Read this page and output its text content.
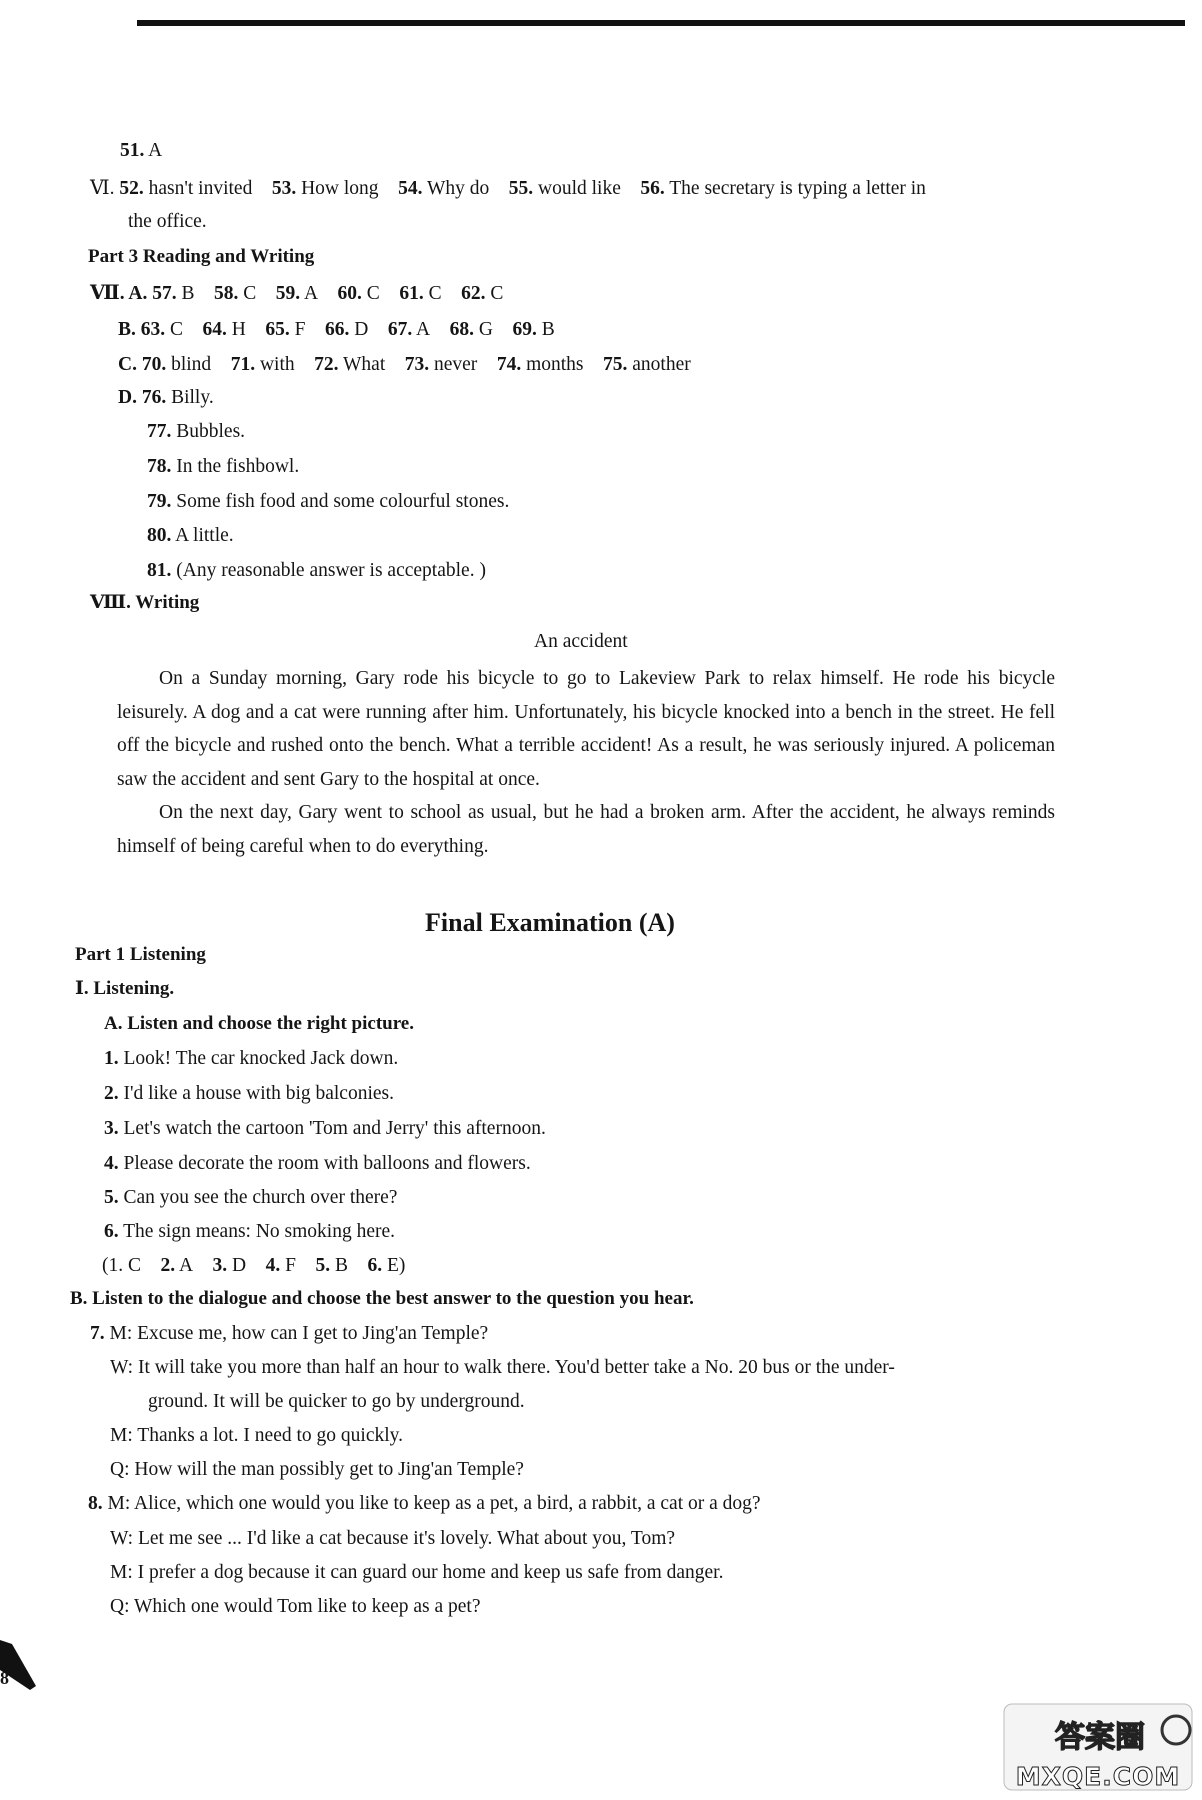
51. A
Ⅵ. 52. hasn't invited 53. How long 54. Why do 55. would like 56. The secretary is typing a letter in
the office.
Part 3 Reading and Writing
Ⅶ. A. 57. B 58. C 59. A 60. C 61. C 62. C
B. 63. C 64. H 65. F 66. D 67. A 68. G 69. B
C. 70. blind 71. with 72. What 73. never 74. months 75. another
D. 76. Billy.
77. Bubbles.
78. In the fishbowl.
79. Some fish food and some colourful stones.
80. A little.
81. (Any reasonable answer is acceptable. )
Ⅷ. Writing
An accident

On a Sunday morning, Gary rode his bicycle to go to Lakeview Park to relax himself. He rode his bicycle leisurely. A dog and a cat were running after him. Unfortunately, his bicycle knocked into a bench in the street. He fell off the bicycle and rushed onto the bench. What a terrible accident! As a result, he was seriously injured. A policeman saw the accident and sent Gary to the hospital at once.

On the next day, Gary went to school as usual, but he had a broken arm. After the accident, he always reminds himself of being careful when to do everything.

Final Examination (A)
Part 1 Listening
Ⅰ. Listening.
A. Listen and choose the right picture.
1. Look! The car knocked Jack down.
2. I'd like a house with big balconies.
3. Let's watch the cartoon 'Tom and Jerry' this afternoon.
4. Please decorate the room with balloons and flowers.
5. Can you see the church over there?
6. The sign means: No smoking here.
(1. C 2. A 3. D 4. F 5. B 6. E)
B. Listen to the dialogue and choose the best answer to the question you hear.
7. M: Excuse me, how can I get to Jing'an Temple?
W: It will take you more than half an hour to walk there. You'd better take a No. 20 bus or the under-
ground. It will be quicker to go by underground.
M: Thanks a lot. I need to go quickly.
Q: How will the man possibly get to Jing'an Temple?
8. M: Alice, which one would you like to keep as a pet, a bird, a rabbit, a cat or a dog?
W: Let me see ... I'd like a cat because it's lovely. What about you, Tom?
M: I prefer a dog because it can guard our home and keep us safe from danger.
Q: Which one would Tom like to keep as a pet?
8
答案圈
MXQE.COM
